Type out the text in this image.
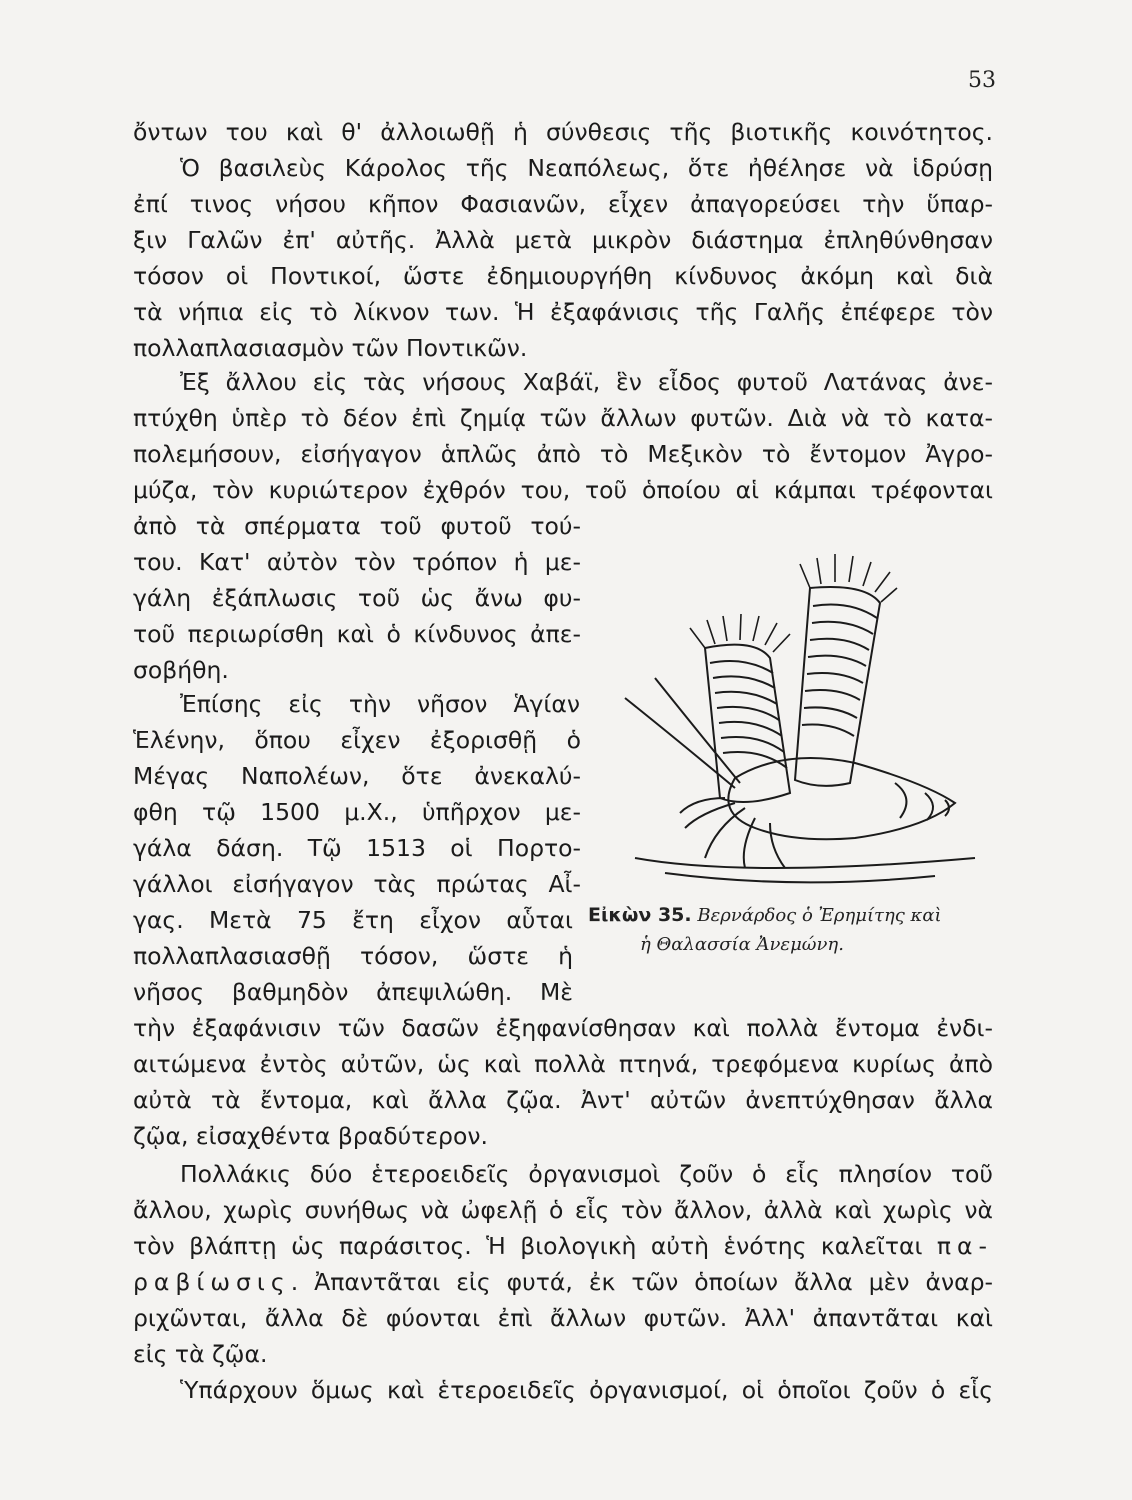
53
ὄντων του καὶ θ' ἀλλοιωθῇ ἡ σύνθεσις τῆς βιοτικῆς κοινότητος.
Ὁ βασιλεὺς Κάρολος τῆς Νεαπόλεως, ὅτε ἠθέλησε νὰ ἱδρύσῃ
ἐπί τινος νήσου κῆπον Φασιανῶν, εἶχεν ἀπαγορεύσει τὴν ὕπαρ-
ξιν Γαλῶν ἐπ' αὐτῆς. Ἀλλὰ μετὰ μικρὸν διάστημα ἐπληθύνθησαν
τόσον οἱ Ποντικοί, ὥστε ἐδημιουργήθη κίνδυνος ἀκόμη καὶ διὰ
τὰ νήπια εἰς τὸ λίκνον των. Ἡ ἐξαφάνισις τῆς Γαλῆς ἐπέφερε τὸν
πολλαπλασιασμὸν τῶν Ποντικῶν.
Ἐξ ἄλλου εἰς τὰς νήσους Χαβάϊ, ἓν εἶδος φυτοῦ Λατάνας ἀνε-
πτύχθη ὑπὲρ τὸ δέον ἐπὶ ζημίᾳ τῶν ἄλλων φυτῶν. Διὰ νὰ τὸ κατα-
πολεμήσουν, εἰσήγαγον ἁπλῶς ἀπὸ τὸ Μεξικὸν τὸ ἔντομον Ἀγρο-
μύζα, τὸν κυριώτερον ἐχθρόν του, τοῦ ὁποίου αἱ κάμπαι τρέφονται
ἀπὸ τὰ σπέρματα τοῦ φυτοῦ τού-
του. Κατ' αὐτὸν τὸν τρόπον ἡ με-
γάλη ἐξάπλωσις τοῦ ὡς ἄνω φυ-
τοῦ περιωρίσθη καὶ ὁ κίνδυνος ἀπε-
σοβήθη.
Ἐπίσης εἰς τὴν νῆσον Ἁγίαν
Ἑλένην, ὅπου εἶχεν ἐξορισθῇ ὁ
Μέγας Ναπολέων, ὅτε ἀνεκαλύ-
φθη τῷ 1500 μ.Χ., ὑπῆρχον με-
γάλα δάση. Τῷ 1513 οἱ Πορτο-
γάλλοι εἰσήγαγον τὰς πρώτας Αἶ-
γας. Μετὰ 75 ἔτη εἶχον αὗται
πολλαπλασιασθῇ τόσον, ὥστε ἡ
νῆσος βαθμηδὸν ἀπεψιλώθη. Μὲ
τὴν ἐξαφάνισιν τῶν δασῶν ἐξηφανίσθησαν καὶ πολλὰ ἔντομα ἐνδι-
αιτώμενα ἐντὸς αὐτῶν, ὡς καὶ πολλὰ πτηνά, τρεφόμενα κυρίως ἀπὸ
αὐτὰ τὰ ἔντομα, καὶ ἄλλα ζῷα. Ἀντ' αὐτῶν ἀνεπτύχθησαν ἄλλα
ζῷα, εἰσαχθέντα βραδύτερον.
Πολλάκις δύο ἑτεροειδεῖς ὀργανισμοὶ ζοῦν ὁ εἷς πλησίον τοῦ
ἄλλου, χωρὶς συνήθως νὰ ὠφελῇ ὁ εἷς τὸν ἄλλον, ἀλλὰ καὶ χωρὶς νὰ
τὸν βλάπτῃ ὡς παράσιτος. Ἡ βιολογικὴ αὐτὴ ἑνότης καλεῖται πα-
ραβίωσις. Ἀπαντᾶται εἰς φυτά, ἐκ τῶν ὁποίων ἄλλα μὲν ἀναρ-
ριχῶνται, ἄλλα δὲ φύονται ἐπὶ ἄλλων φυτῶν. Ἀλλ' ἀπαντᾶται καὶ
εἰς τὰ ζῷα.
Ὑπάρχουν ὅμως καὶ ἑτεροειδεῖς ὀργανισμοί, οἱ ὁποῖοι ζοῦν ὁ εἷς
Εἰκὼν 35. Βερνάρδος ὁ Ἐρημίτης καὶ
ἡ Θαλασσία Ἀνεμώνη.
